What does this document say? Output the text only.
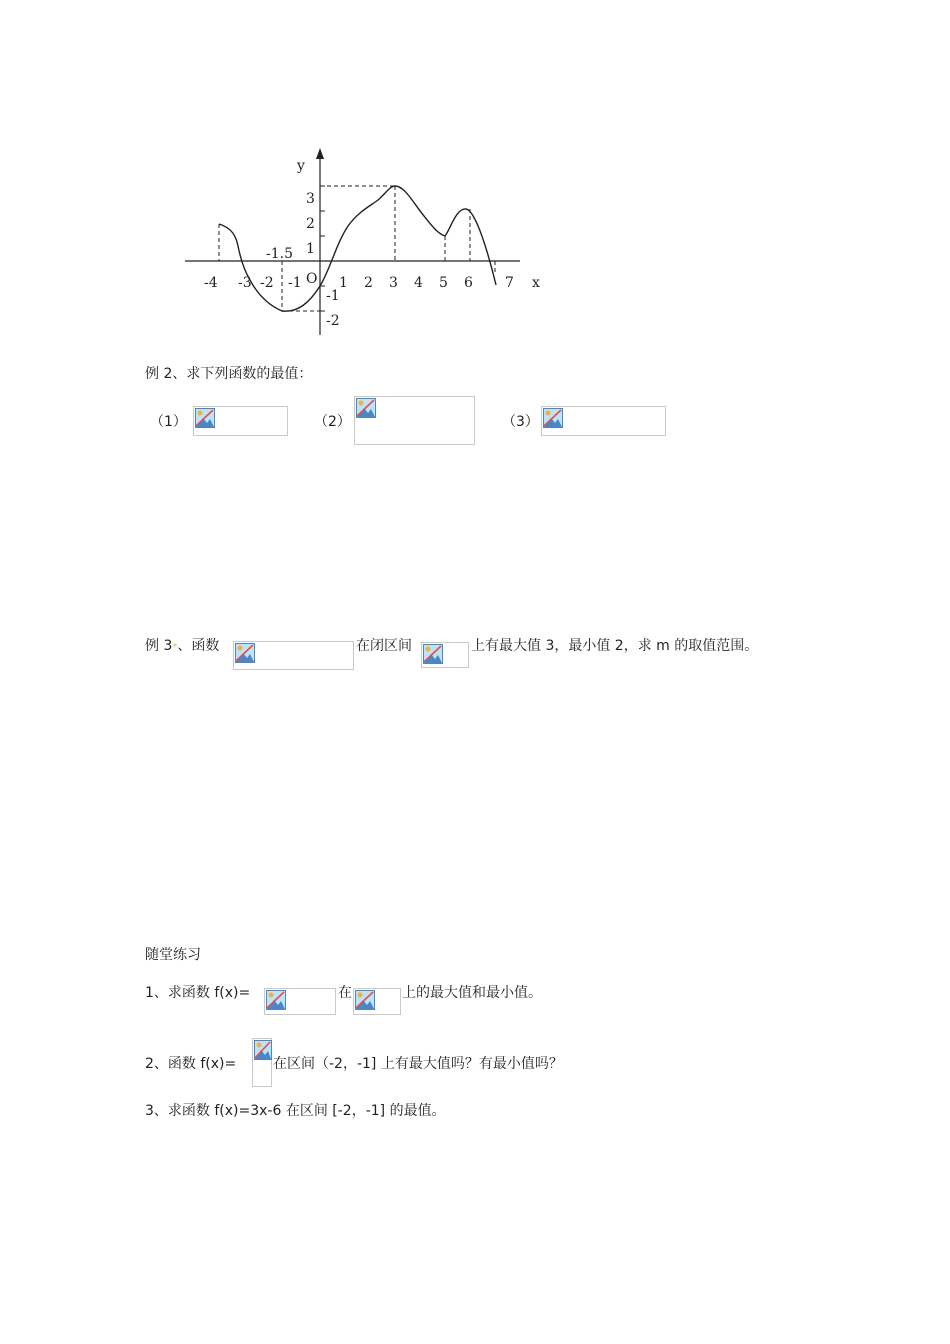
y
x
O
-1.5
-4 -3 -2 -1	1 2 3 4 5 6 7
3
2
1
-1
-2
例 2、求下列函数的最值：
（1）	（2）	（3）
例 3*、函数	在闭区间	上有最大值 3，最小值 2，求 m 的取值范围。
随堂练习
1、求函数 f(x)=	在	上的最大值和最小值。
2、函数 f(x)=	在区间（-2，-1] 上有最大值吗？有最小值吗？
3、求函数 f(x)=3x-6 在区间 [-2，-1] 的最值。
